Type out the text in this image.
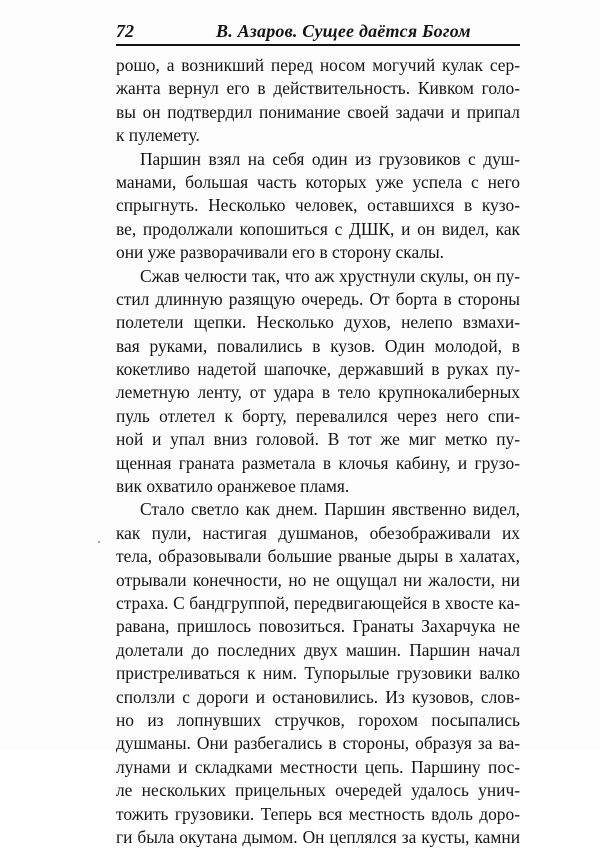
72	В. Азаров. Сущее даётся Богом
рошо, а возникший перед носом могучий кулак сер-
жанта вернул его в действительность. Кивком голо-
вы он подтвердил понимание своей задачи и припал
к пулемету.
Паршин взял на себя один из грузовиков с душ-
манами, большая часть которых уже успела с него
спрыгнуть. Несколько человек, оставшихся в кузо-
ве, продолжали копошиться с ДШК, и он видел, как
они уже разворачивали его в сторону скалы.
Сжав челюсти так, что аж хрустнули скулы, он пу-
стил длинную разящую очередь. От борта в стороны
полетели щепки. Несколько духов, нелепо взмахи-
вая руками, повалились в кузов. Один молодой, в
кокетливо надетой шапочке, державший в руках пу-
леметную ленту, от удара в тело крупнокалиберных
пуль отлетел к борту, перевалился через него спи-
ной и упал вниз головой. В тот же миг метко пу-
щенная граната разметала в клочья кабину, и грузо-
вик охватило оранжевое пламя.
Стало светло как днем. Паршин явственно видел,
как пули, настигая душманов, обезображивали их
тела, образовывали большие рваные дыры в халатах,
отрывали конечности, но не ощущал ни жалости, ни
страха. С бандгруппой, передвигающейся в хвосте ка-
равана, пришлось повозиться. Гранаты Захарчука не
долетали до последних двух машин. Паршин начал
пристреливаться к ним. Тупорылые грузовики валко
сползли с дороги и остановились. Из кузовов, слов-
но из лопнувших стручков, горохом посыпались
душманы. Они разбегались в стороны, образуя за ва-
лунами и складками местности цепь. Паршину пос-
ле нескольких прицельных очередей удалось унич-
тожить грузовики. Теперь вся местность вдоль доро-
ги была окутана дымом. Он цеплялся за кусты, камни
